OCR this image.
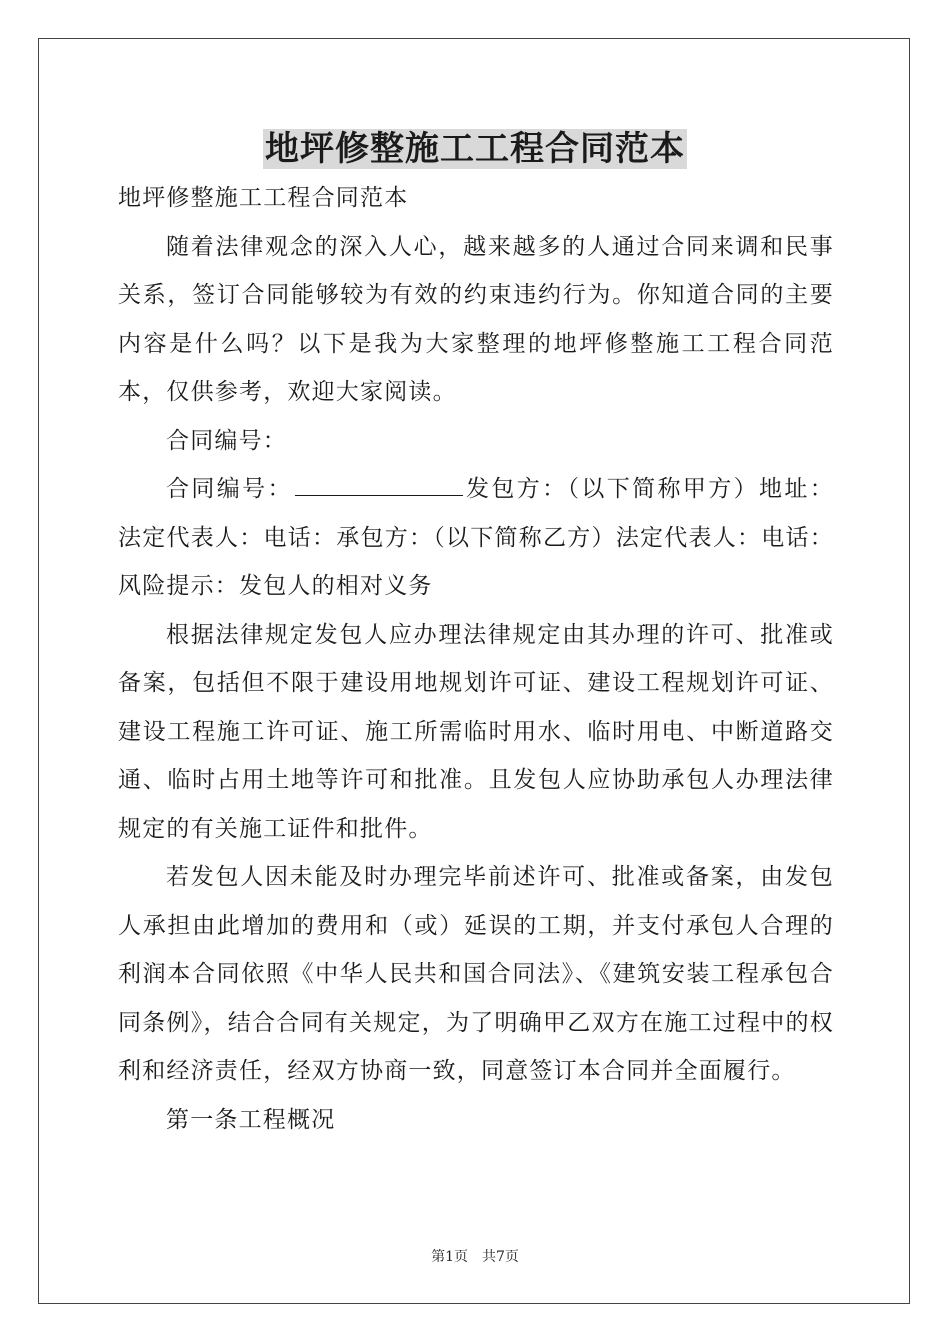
地坪修整施工工程合同范本

地坪修整施工工程合同范本

随着法律观念的深入人心，越来越多的人通过合同来调和民事关系，签订合同能够较为有效的约束违约行为。你知道合同的主要内容是什么吗？以下是我为大家整理的地坪修整施工工程合同范本，仅供参考，欢迎大家阅读。

合同编号：

合同编号：	发包方：（以下简称甲方）地址：法定代表人：电话：承包方：（以下简称乙方）法定代表人：电话：风险提示：发包人的相对义务

根据法律规定发包人应办理法律规定由其办理的许可、批准或备案，包括但不限于建设用地规划许可证、建设工程规划许可证、建设工程施工许可证、施工所需临时用水、临时用电、中断道路交通、临时占用土地等许可和批准。且发包人应协助承包人办理法律规定的有关施工证件和批件。

若发包人因未能及时办理完毕前述许可、批准或备案，由发包人承担由此增加的费用和（或）延误的工期，并支付承包人合理的利润本合同依照《中华人民共和国合同法》、《建筑安装工程承包合同条例》，结合合同有关规定，为了明确甲乙双方在施工过程中的权利和经济责任，经双方协商一致，同意签订本合同并全面履行。

第一条工程概况

第1页 共7页
